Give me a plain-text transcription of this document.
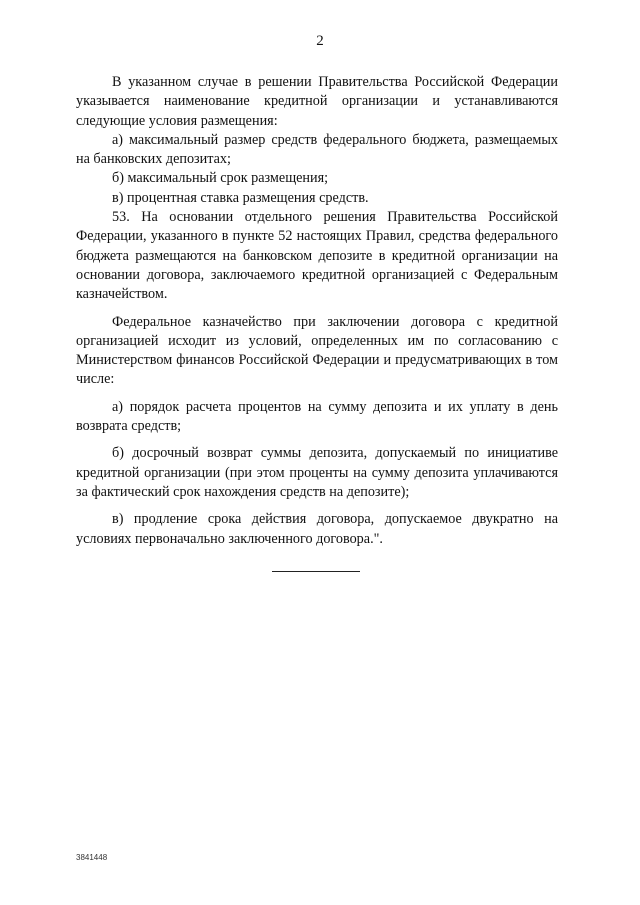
2

В указанном случае в решении Правительства Российской Федерации указывается наименование кредитной организации и устанавливаются следующие условия размещения:

а) максимальный размер средств федерального бюджета, размещаемых на банковских депозитах;

б) максимальный срок размещения;

в) процентная ставка размещения средств.

53. На основании отдельного решения Правительства Российской Федерации, указанного в пункте 52 настоящих Правил, средства федерального бюджета размещаются на банковском депозите в кредитной организации на основании договора, заключаемого кредитной организацией с Федеральным казначейством.

Федеральное казначейство при заключении договора с кредитной организацией исходит из условий, определенных им по согласованию с Министерством финансов Российской Федерации и предусматривающих в том числе:

а) порядок расчета процентов на сумму депозита и их уплату в день возврата средств;

б) досрочный возврат суммы депозита, допускаемый по инициативе кредитной организации (при этом проценты на сумму депозита уплачиваются за фактический срок нахождения средств на депозите);

в) продление срока действия договора, допускаемое двукратно на условиях первоначально заключенного договора.".

3841448
